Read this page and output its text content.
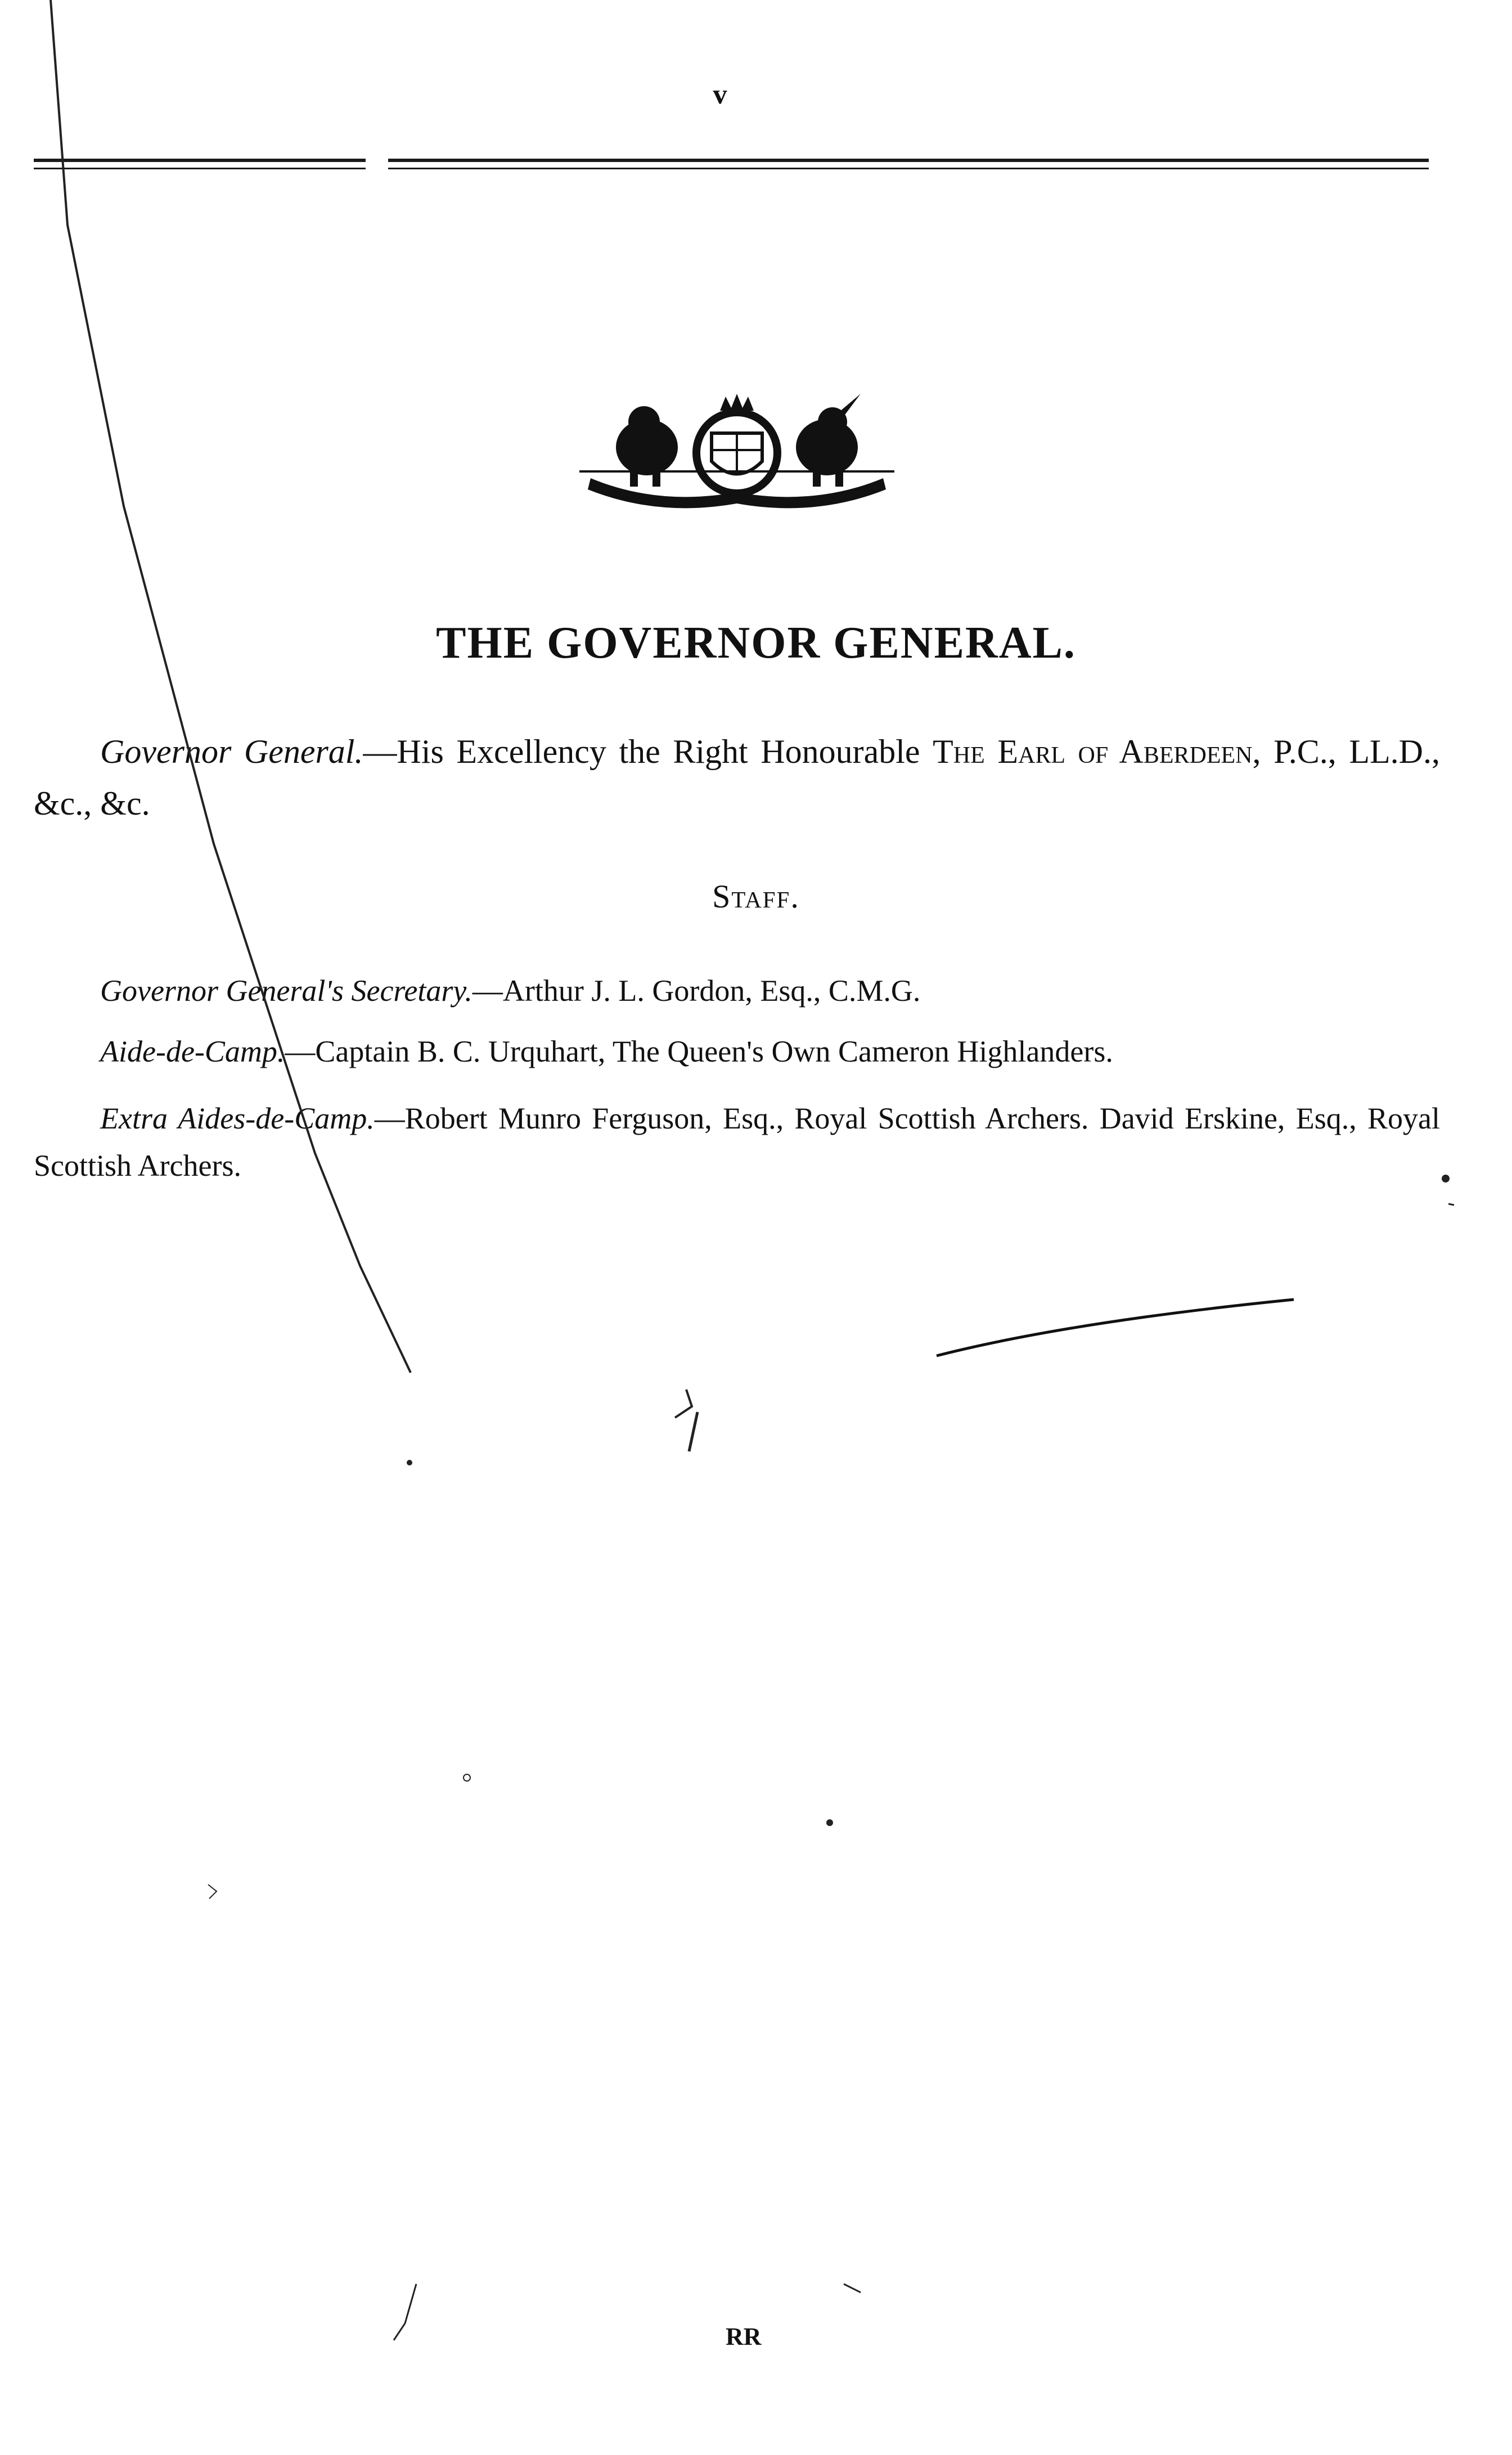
v
THE GOVERNOR GENERAL.
Governor General.—His Excellency the Right Honourable The Earl of Aberdeen, P.C., LL.D., &c., &c.
Staff.
Governor General's Secretary.—Arthur J. L. Gordon, Esq., C.M.G.
Aide-de-Camp.—Captain B. C. Urquhart, The Queen's Own Cameron Highlanders.
Extra Aides-de-Camp.—Robert Munro Ferguson, Esq., Royal Scottish Archers. David Erskine, Esq., Royal Scottish Archers.
RR
